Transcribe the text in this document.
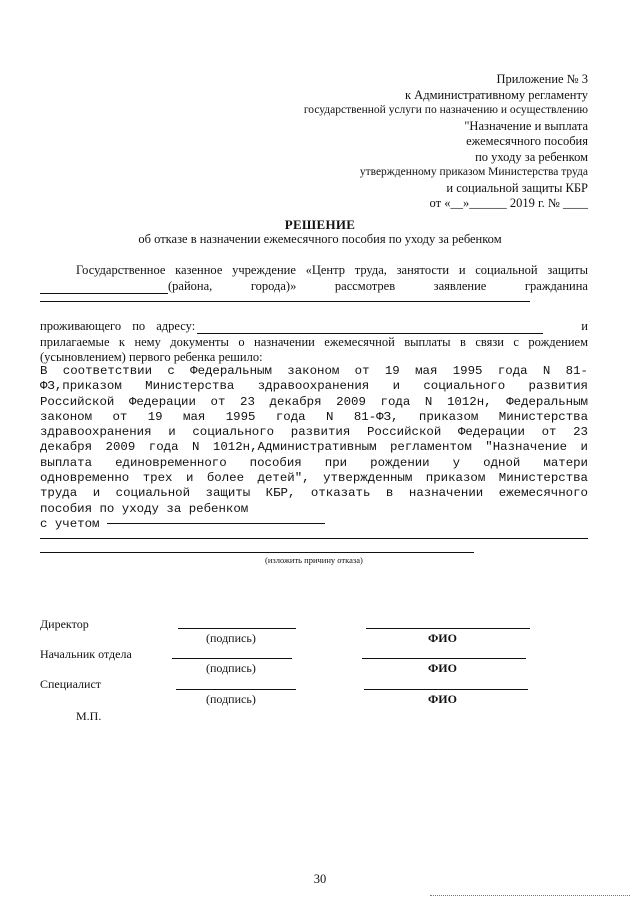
Приложение № 3
к Административному регламенту
государственной услуги по назначению и осуществлению
"Назначение и выплата
ежемесячного пособия
по уходу за ребенком
утвержденному приказом Министерства труда
и социальной защиты КБР
от «__»______ 2019 г. № ____
РЕШЕНИЕ
об отказе в назначении ежемесячного пособия по уходу за ребенком
Государственное казенное учреждение «Центр труда, занятости и социальной защиты
(района,	города)»	рассмотрев	заявление	гражданина
проживающего по адресу:	и
прилагаемые к нему документы о назначении ежемесячной выплаты в связи с рождением
(усыновлением) первого ребенка решило:
В соответствии с Федеральным законом от 19 мая 1995 года N 81-
ФЗ,приказом Министерства здравоохранения и социального развития
Российской Федерации от 23 декабря 2009 года N 1012н, Федеральным
законом от 19 мая 1995 года N 81-ФЗ, приказом Министерства
здравоохранения и социального развития Российской Федерации от 23
декабря 2009 года N 1012н,Административным регламентом "Назначение и
выплата единовременного пособия при рождении у одной матери
одновременно трех и более детей", утвержденным приказом Министерства
труда и социальной защиты КБР, отказать в назначении ежемесячного
пособия по уходу за ребенком
с учетом
(изложить причину отказа)
Директор
(подпись)	ФИО
Начальник отдела
(подпись)	ФИО
Специалист
(подпись)	ФИО
М.П.
30
